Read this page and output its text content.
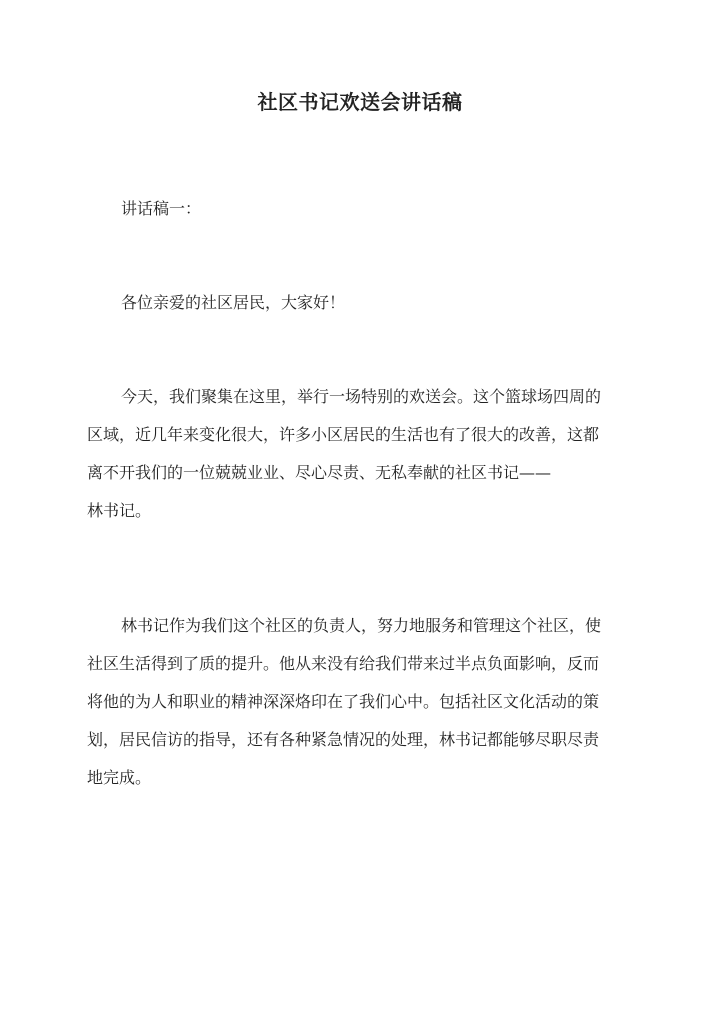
社区书记欢送会讲话稿

讲话稿一：

各位亲爱的社区居民，大家好！

今天，我们聚集在这里，举行一场特别的欢送会。这个篮球场四周的
区域，近几年来变化很大，许多小区居民的生活也有了很大的改善，这都
离不开我们的一位兢兢业业、尽心尽责、无私奉献的社区书记——
林书记。

林书记作为我们这个社区的负责人，努力地服务和管理这个社区，使
社区生活得到了质的提升。他从来没有给我们带来过半点负面影响，反而
将他的为人和职业的精神深深烙印在了我们心中。包括社区文化活动的策
划，居民信访的指导，还有各种紧急情况的处理，林书记都能够尽职尽责
地完成。
